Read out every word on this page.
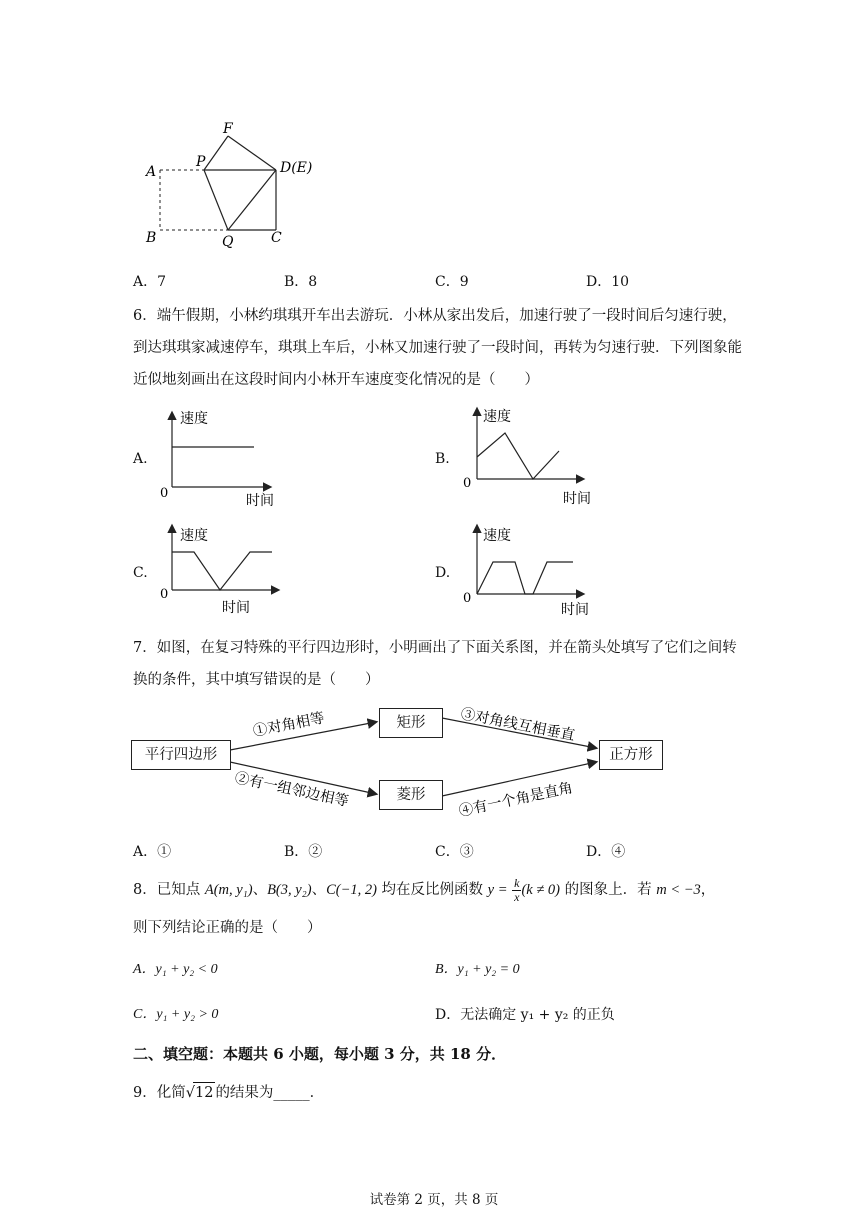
F
P
A
B	Q	C
D(E)
A．7	B．8	C．9	D．10
6．端午假期，小林约琪琪开车出去游玩．小林从家出发后，加速行驶了一段时间后匀速行驶，到达琪琪家减速停车，琪琪上车后，小林又加速行驶了一段时间，再转为匀速行驶．下列图象能近似地刻画出在这段时间内小林开车速度变化情况的是（　　）
A.
速度
0	时间
B.
速度
0
时间
C.
速度
0
时间
D.
速度
0
时间
7．如图，在复习特殊的平行四边形时，小明画出了下面关系图，并在箭头处填写了它们之间转换的条件，其中填写错误的是（　　）
①对角相等
②有一组邻边相等
③对角线互相垂直
④有一个角是直角
平行四边形
矩形
菱形
正方形
A．①	B．②	C．③	D．④
8．已知点 A(m, y₁)、B(3, y₂)、C(−1, 2) 均在反比例函数 $y = \frac{k}{x} (k \ne 0)$ 的图象上．若 m < −3，
则下列结论正确的是（　　）
A．y₁ + y₂ < 0	B．y₁ + y₂ = 0
C．y₁ + y₂ > 0	D．无法确定 y₁ + y₂ 的正负
二、填空题：本题共 6 小题，每小题 3 分，共 18 分．
9．化简√12 的结果为_____．
试卷第 2 页，共 8 页
